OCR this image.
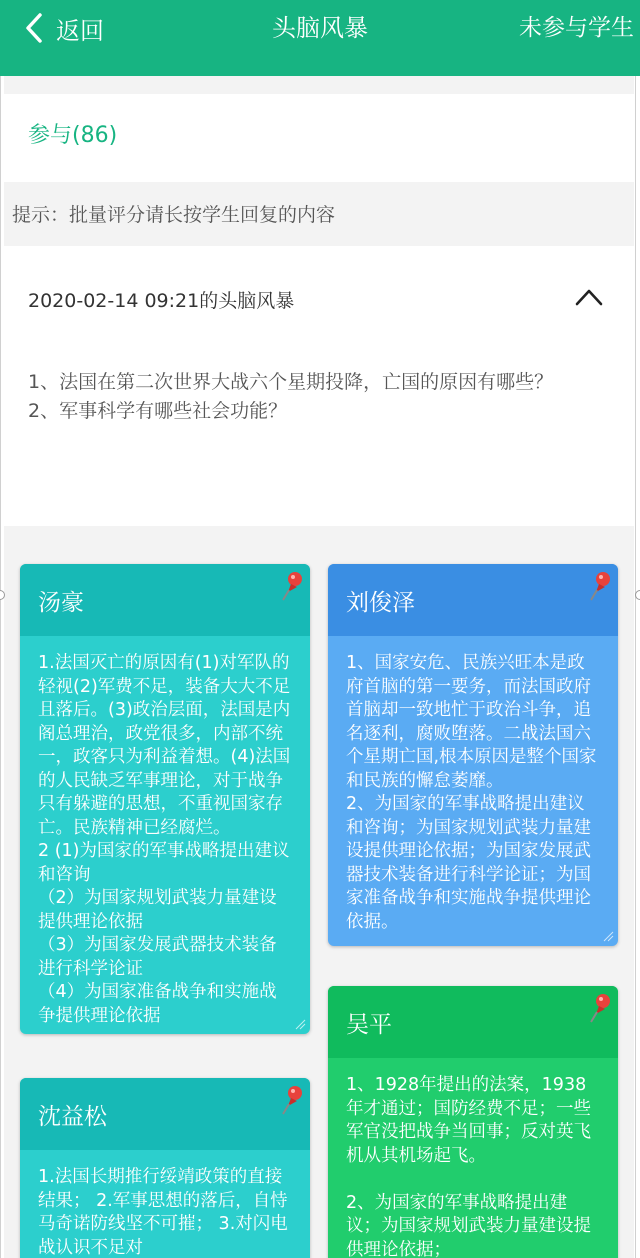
返回	头脑风暴	未参与学生
参与(86)
提示：批量评分请长按学生回复的内容
2020-02-14 09:21的头脑风暴
1、法国在第二次世界大战六个星期投降，亡国的原因有哪些？
2、军事科学有哪些社会功能？
汤豪
1.法国灭亡的原因有(1)对军队的轻视(2)军费不足，装备大大不足且落后。(3)政治层面，法国是内阁总理治，政党很多，内部不统一，政客只为利益着想。(4)法国的人民缺乏军事理论，对于战争只有躲避的思想，不重视国家存亡。民族精神已经腐烂。
2 (1)为国家的军事战略提出建议和咨询
（2）为国家规划武装力量建设提供理论依据
（3）为国家发展武器技术装备进行科学论证
（4）为国家准备战争和实施战争提供理论依据
刘俊泽
1、国家安危、民族兴旺本是政府首脑的第一要务，而法国政府首脑却一致地忙于政治斗争，追名逐利，腐败堕落。二战法国六个星期亡国,根本原因是整个国家和民族的懈怠萎靡。
2、为国家的军事战略提出建议和咨询；为国家规划武装力量建设提供理论依据；为国家发展武器技术装备进行科学论证；为国家准备战争和实施战争提供理论依据。
吴平
1、1928年提出的法案，1938年才通过；国防经费不足；一些军官没把战争当回事；反对英飞机从其机场起飞。

2、为国家的军事战略提出建议；为国家规划武装力量建设提供理论依据；
沈益松
1.法国长期推行绥靖政策的直接结果； 2.军事思想的落后，自恃马奇诺防线坚不可摧； 3.对闪电战认识不足对
